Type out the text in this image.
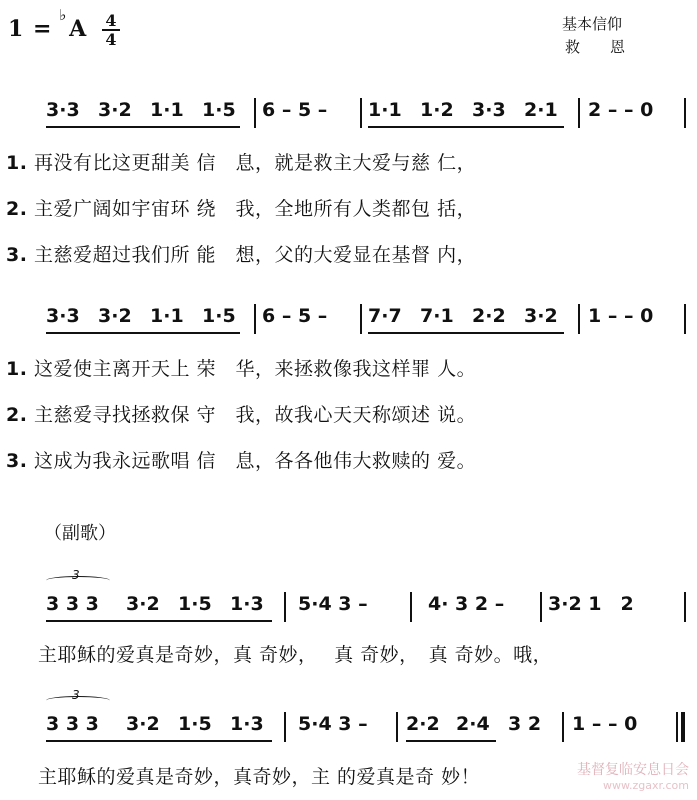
1 =
♭
A	4
4
基本信仰
救恩
3·3 3·2 1·1 1·5 6 – 5 – 1·1 1·2 3·3 2·1 2 – – 0
1. 再没有比这更甜美 信　息，就是救主大爱与慈 仁，
2. 主爱广阔如宇宙环 绕　我，全地所有人类都包 括，
3. 主慈爱超过我们所 能　想，父的大爱显在基督 内，
3·3 3·2 1·1 1·5 6 – 5 – 7·7 7·1 2·2 3·2 1 – – 0
1. 这爱使主离开天上 荣　华，来拯救像我这样罪 人。
2. 主慈爱寻找拯救保 守　我，故我心天天称颂述 说。
3. 这成为我永远歌唱 信　息，各各他伟大救赎的 爱。
（副歌）
3
3 3 3 3·2 1·5 1·3 5·4 3 –	4· 3 2 – 3·2 1　2
主耶稣的爱真是奇妙，真 奇妙，　 真 奇妙，　真 奇妙。哦，
3
3 3 3 3·2 1·5 1·3 5·4 3 – 2·2 2·4 3 2 1 – – 0
主耶稣的爱真是奇妙，真奇妙，主 的爱真是奇 妙！	基督复临安息日会
www.zgaxr.com
